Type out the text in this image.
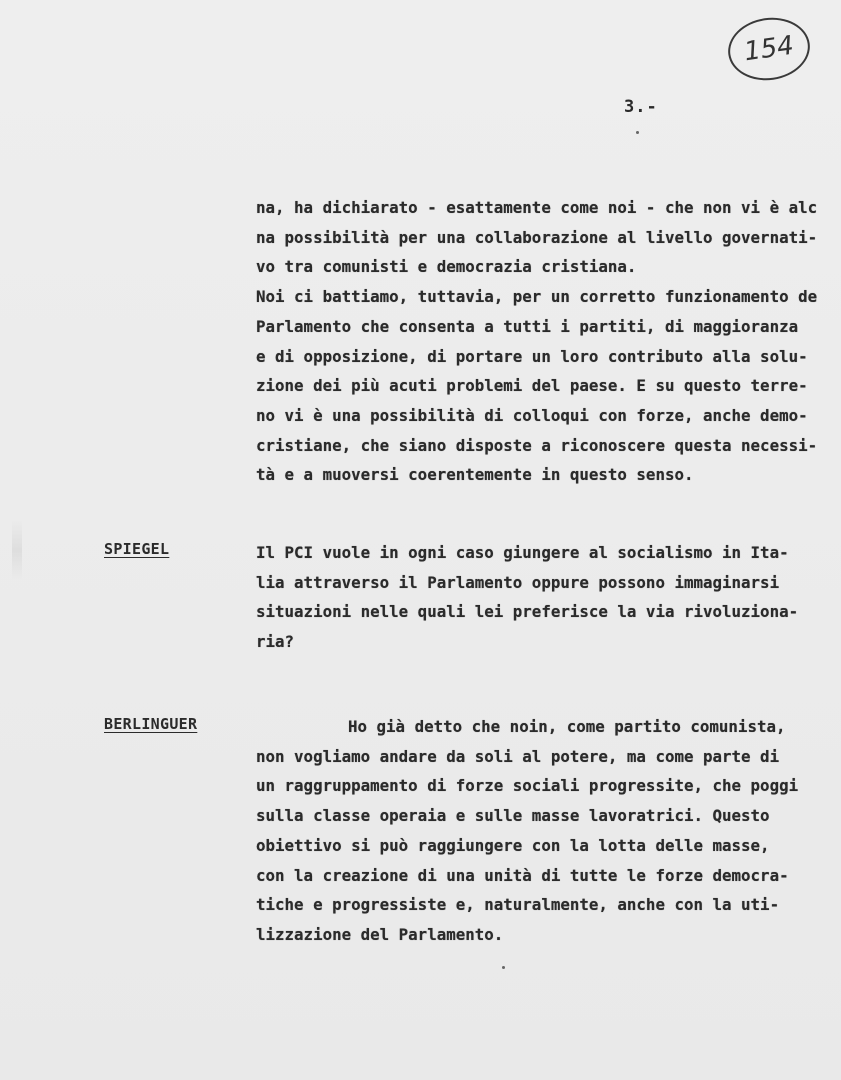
154
3.-
na, ha dichiarato - esattamente come noi - che non vi è alc
na possibilità per una collaborazione al livello governati-
vo tra comunisti e democrazia cristiana.
Noi ci battiamo, tuttavia, per un corretto funzionamento de
Parlamento che consenta a tutti i partiti, di maggioranza
e di opposizione, di portare un loro contributo alla solu-
zione dei più acuti problemi del paese. E su questo terre-
no vi è una possibilità di colloqui con forze, anche demo-
cristiane, che siano disposte a riconoscere questa necessi-
tà e a muoversi coerentemente in questo senso.
SPIEGEL	Il PCI vuole in ogni caso giungere al socialismo in Ita-
lia attraverso il Parlamento oppure possono immaginarsi
situazioni nelle quali lei preferisce la via rivoluziona-
ria?
BERLINGUER	Ho già detto che noin, come partito comunista,
non vogliamo andare da soli al potere, ma come parte di
un raggruppamento di forze sociali progressite, che poggi
sulla classe operaia e sulle masse lavoratrici. Questo
obiettivo si può raggiungere con la lotta delle masse,
con la creazione di una unità di tutte le forze democra-
tiche e progressiste e, naturalmente, anche con la uti-
lizzazione del Parlamento.
